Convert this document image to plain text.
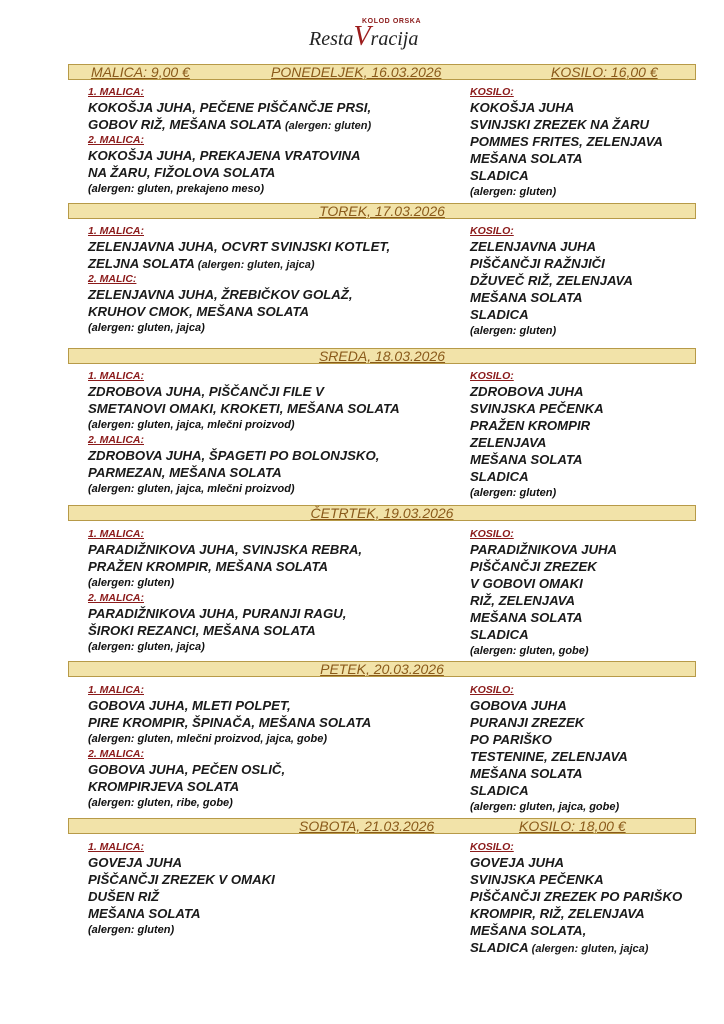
KOLOD ORSKA
RestaVracija
MALICA: 9,00 €	PONEDELJEK, 16.03.2026	KOSILO: 16,00 €
1. MALICA:
KOKOŠJA JUHA, PEČENE PIŠČANČJE PRSI,
GOBOV RIŽ, MEŠANA SOLATA (alergen: gluten)
2. MALICA:
KOKOŠJA JUHA, PREKAJENA VRATOVINA
NA ŽARU, FIŽOLOVA SOLATA
(alergen: gluten, prekajeno meso)
KOSILO:
KOKOŠJA JUHA
SVINJSKI ZREZEK NA ŽARU
POMMES FRITES, ZELENJAVA
MEŠANA SOLATA
SLADICA
(alergen: gluten)
TOREK, 17.03.2026
1. MALICA:
ZELENJAVNA JUHA, OCVRT SVINJSKI KOTLET,
ZELJNA SOLATA (alergen: gluten, jajca)
2. MALIC:
ZELENJAVNA JUHA, ŽREBIČKOV GOLAŽ,
KRUHOV CMOK, MEŠANA SOLATA
(alergen: gluten, jajca)
KOSILO:
ZELENJAVNA JUHA
PIŠČANČJI RAŽNJIČI
DŽUVEČ RIŽ, ZELENJAVA
MEŠANA SOLATA
SLADICA
(alergen: gluten)
SREDA, 18.03.2026
1. MALICA:
ZDROBOVA JUHA, PIŠČANČJI FILE V
SMETANOVI OMAKI, KROKETI, MEŠANA SOLATA
(alergen: gluten, jajca, mlečni proizvod)
2. MALICA:
ZDROBOVA JUHA, ŠPAGETI PO BOLONJSKO,
PARMEZAN, MEŠANA SOLATA
(alergen: gluten, jajca, mlečni proizvod)
KOSILO:
ZDROBOVA JUHA
SVINJSKA PEČENKA
PRAŽEN KROMPIR
ZELENJAVA
MEŠANA SOLATA
SLADICA
(alergen: gluten)
ČETRTEK, 19.03.2026
1. MALICA:
PARADIŽNIKOVA JUHA, SVINJSKA REBRA,
PRAŽEN KROMPIR, MEŠANA SOLATA
(alergen: gluten)
2. MALICA:
PARADIŽNIKOVA JUHA, PURANJI RAGU,
ŠIROKI REZANCI, MEŠANA SOLATA
(alergen: gluten, jajca)
KOSILO:
PARADIŽNIKOVA JUHA
PIŠČANČJI ZREZEK
V GOBOVI OMAKI
RIŽ, ZELENJAVA
MEŠANA SOLATA
SLADICA
(alergen: gluten, gobe)
PETEK, 20.03.2026
1. MALICA:
GOBOVA JUHA, MLETI POLPET,
PIRE KROMPIR, ŠPINAČA, MEŠANA SOLATA
(alergen: gluten, mlečni proizvod, jajca, gobe)
2. MALICA:
GOBOVA JUHA, PEČEN OSLIČ,
KROMPIRJEVA SOLATA
(alergen: gluten, ribe, gobe)
KOSILO:
GOBOVA JUHA
PURANJI ZREZEK
PO PARIŠKO
TESTENINE, ZELENJAVA
MEŠANA SOLATA
SLADICA
(alergen: gluten, jajca, gobe)
SOBOTA, 21.03.2026	KOSILO: 18,00 €
1. MALICA:
GOVEJA JUHA
PIŠČANČJI ZREZEK V OMAKI
DUŠEN RIŽ
MEŠANA SOLATA
(alergen: gluten)
KOSILO:
GOVEJA JUHA
SVINJSKA PEČENKA
PIŠČANČJI ZREZEK PO PARIŠKO
KROMPIR, RIŽ, ZELENJAVA
MEŠANA SOLATA,
SLADICA (alergen: gluten, jajca)
